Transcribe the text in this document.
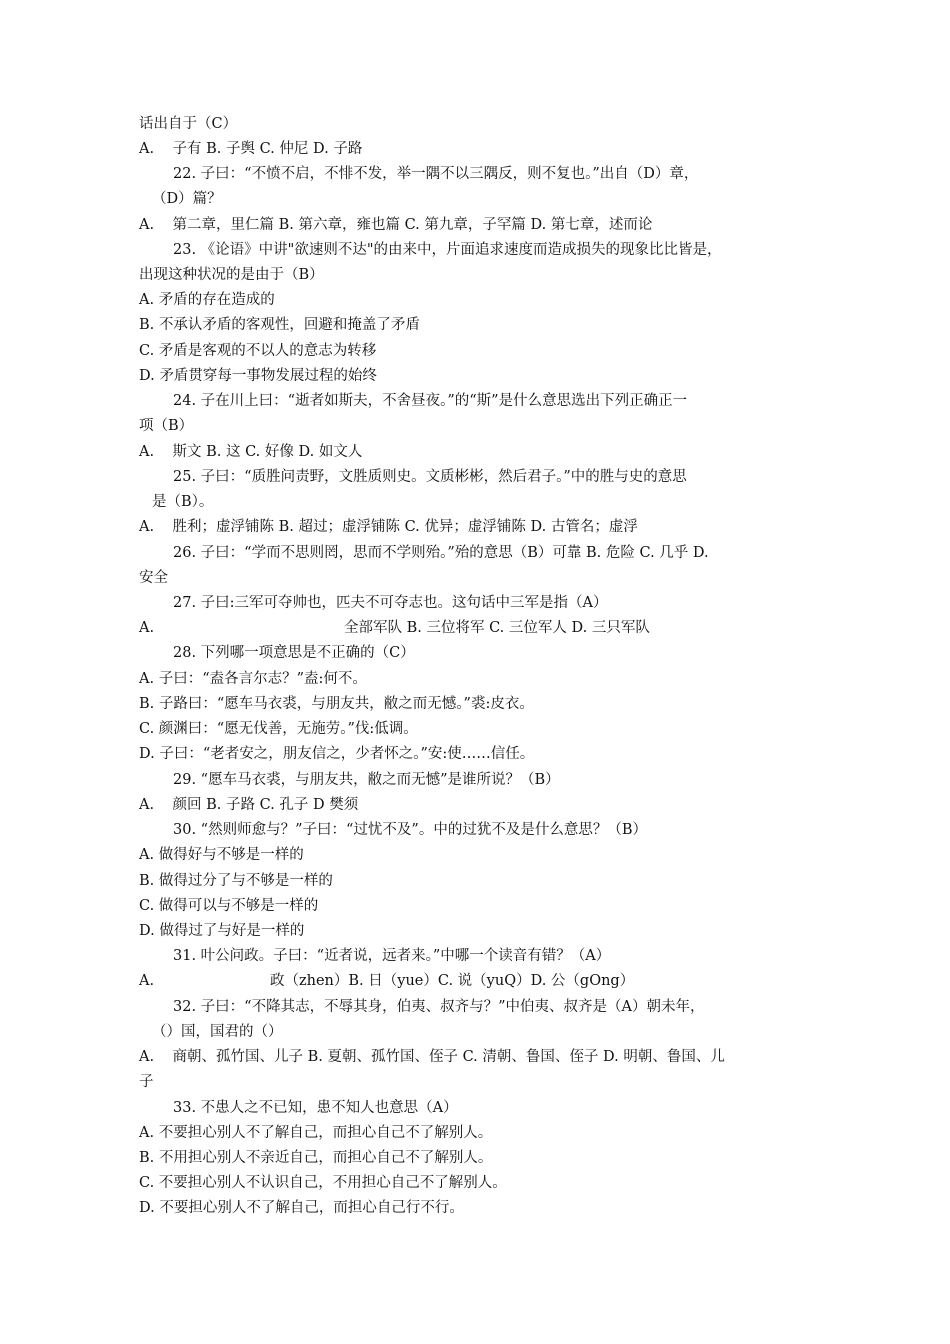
话出自于（C）
A.    子有 B. 子舆 C. 仲尼 D. 子路
22. 子曰：“不愤不启，不悱不发，举一隅不以三隅反，则不复也。”出自（D）章，
（D）篇？
A.    第二章，里仁篇 B. 第六章，雍也篇 C. 第九章，子罕篇 D. 第七章，述而论
23. 《论语》中讲"欲速则不达"的由来中，片面追求速度而造成损失的现象比比皆是，
出现这种状况的是由于（B）
A. 矛盾的存在造成的
B. 不承认矛盾的客观性，回避和掩盖了矛盾
C. 矛盾是客观的不以人的意志为转移
D. 矛盾贯穿每一事物发展过程的始终
24. 子在川上曰：“逝者如斯夫，不舍昼夜。”的“斯”是什么意思选出下列正确正一
项（B）
A.    斯文 B. 这 C. 好像 D. 如文人
25. 子曰：“质胜问责野，文胜质则史。文质彬彬，然后君子。”中的胜与史的意思
是（B）。
A.    胜利；虚浮铺陈 B. 超过；虚浮铺陈 C. 优异；虚浮铺陈 D. 古管名；虚浮
26. 子曰：“学而不思则罔，思而不学则殆。”殆的意思（B）可靠 B. 危险 C. 几乎 D.
安全
27. 子曰:三军可夺帅也，匹夫不可夺志也。这句话中三军是指（A）
A.	全部军队 B. 三位将军 C. 三位军人 D. 三只军队
28. 下列哪一项意思是不正确的（C）
A. 子曰：“盍各言尔志？”盍:何不。
B. 子路曰：“愿车马衣裘，与朋友共，敝之而无憾。”裘:皮衣。
C. 颜渊曰：“愿无伐善，无施劳。”伐:低调。
D. 子曰：“老者安之，朋友信之，少者怀之。”安:使……信任。
29. “愿车马衣裘，与朋友共，敝之而无憾”是谁所说？（B）
A.    颜回 B. 子路 C. 孔子 D 樊须
30. “然则师愈与？”子曰：“过忧不及”。中的过犹不及是什么意思？（B）
A. 做得好与不够是一样的
B. 做得过分了与不够是一样的
C. 做得可以与不够是一样的
D. 做得过了与好是一样的
31. 叶公问政。子曰：“近者说，远者来。”中哪一个读音有错？（A）
A.	政（zhen）B. 日（yue）C. 说（yuQ）D. 公（gOng）
32. 子曰：“不降其志，不辱其身，伯夷、叔齐与？”中伯夷、叔齐是（A）朝未年，
（）国，国君的（）
A.    商朝、孤竹国、儿子 B. 夏朝、孤竹国、侄子 C. 清朝、鲁国、侄子 D. 明朝、鲁国、儿
子
33. 不患人之不已知，患不知人也意思（A）
A. 不要担心别人不了解自己，而担心自己不了解别人。
B. 不用担心别人不亲近自己，而担心自己不了解别人。
C. 不要担心别人不认识自己，不用担心自己不了解别人。
D. 不要担心别人不了解自己，而担心自己行不行。
